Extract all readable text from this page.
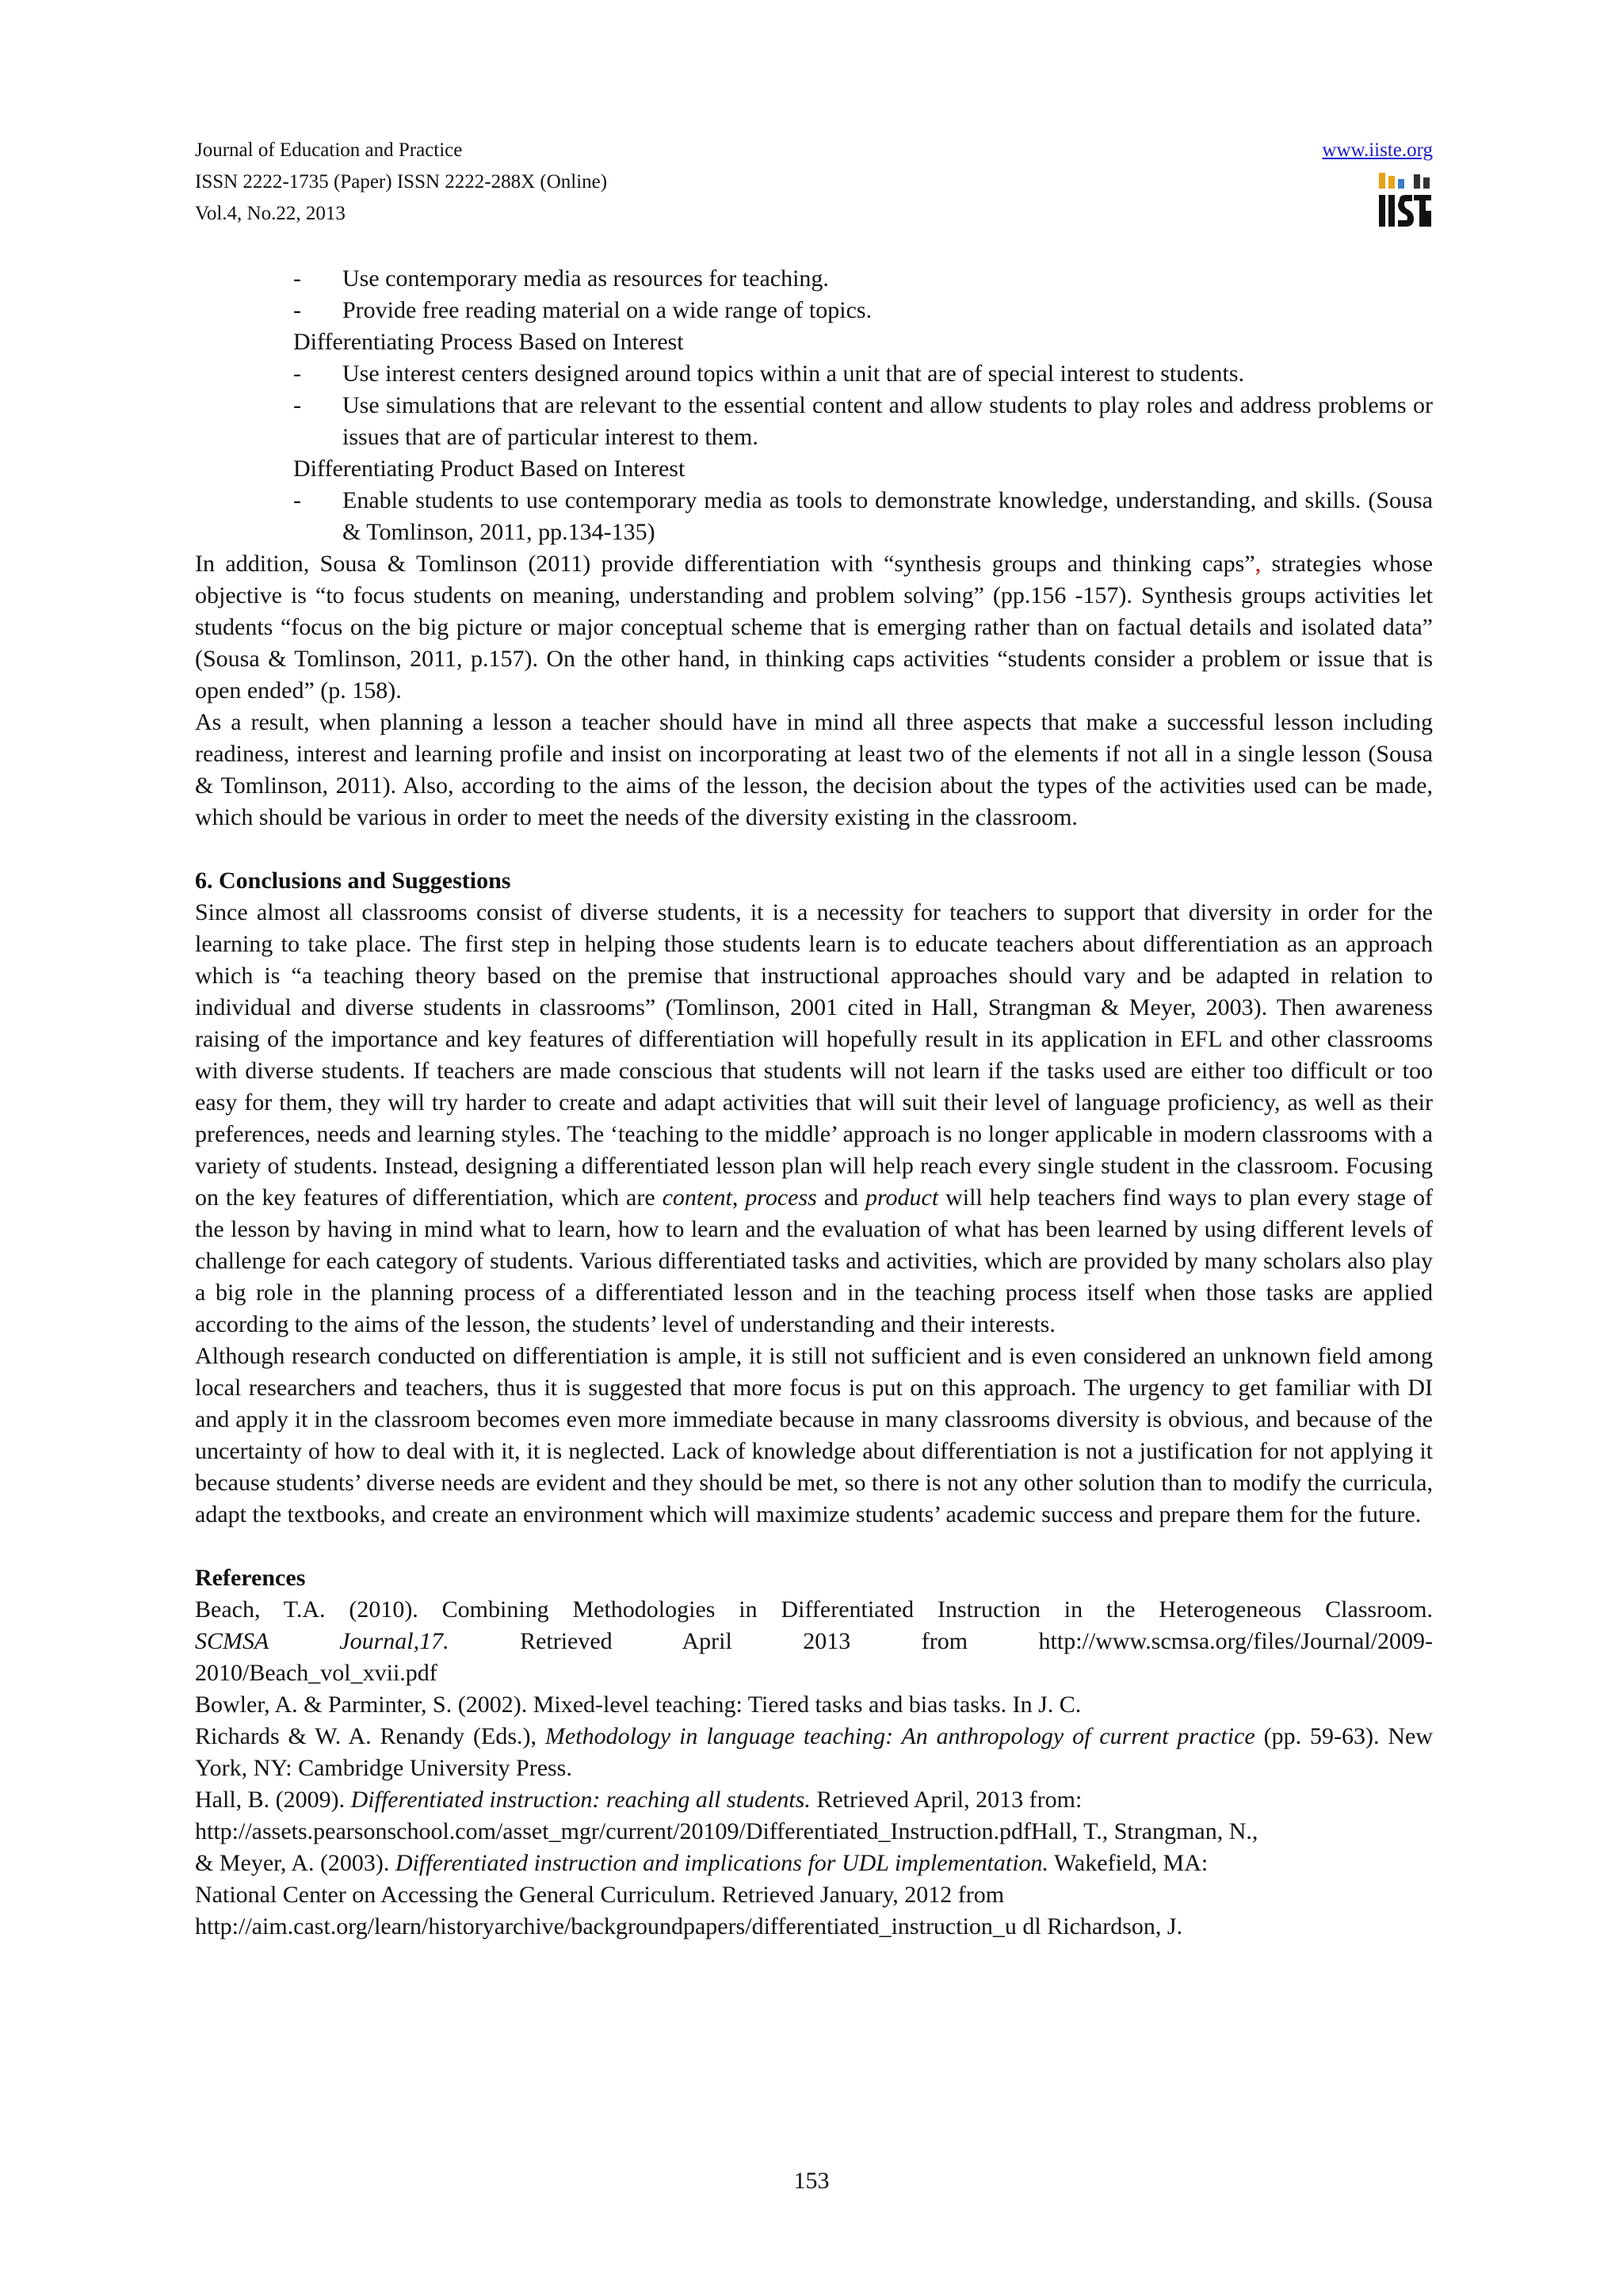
Journal of Education and Practice
ISSN 2222-1735 (Paper) ISSN 2222-288X (Online)
Vol.4, No.22, 2013
www.iiste.org
- Use contemporary media as resources for teaching.
- Provide free reading material on a wide range of topics.
Differentiating Process Based on Interest
- Use interest centers designed around topics within a unit that are of special interest to students.
- Use simulations that are relevant to the essential content and allow students to play roles and address problems or issues that are of particular interest to them.
Differentiating Product Based on Interest
- Enable students to use contemporary media as tools to demonstrate knowledge, understanding, and skills. (Sousa & Tomlinson, 2011, pp.134-135)

In addition, Sousa & Tomlinson (2011) provide differentiation with “synthesis groups and thinking caps”, strategies whose objective is “to focus students on meaning, understanding and problem solving” (pp.156 -157). Synthesis groups activities let students “focus on the big picture or major conceptual scheme that is emerging rather than on factual details and isolated data” (Sousa & Tomlinson, 2011, p.157). On the other hand, in thinking caps activities “students consider a problem or issue that is open ended” (p. 158).

As a result, when planning a lesson a teacher should have in mind all three aspects that make a successful lesson including readiness, interest and learning profile and insist on incorporating at least two of the elements if not all in a single lesson (Sousa & Tomlinson, 2011). Also, according to the aims of the lesson, the decision about the types of the activities used can be made, which should be various in order to meet the needs of the diversity existing in the classroom.

6. Conclusions and Suggestions

Since almost all classrooms consist of diverse students, it is a necessity for teachers to support that diversity in order for the learning to take place. The first step in helping those students learn is to educate teachers about differentiation as an approach which is “a teaching theory based on the premise that instructional approaches should vary and be adapted in relation to individual and diverse students in classrooms” (Tomlinson, 2001 cited in Hall, Strangman & Meyer, 2003). Then awareness raising of the importance and key features of differentiation will hopefully result in its application in EFL and other classrooms with diverse students. If teachers are made conscious that students will not learn if the tasks used are either too difficult or too easy for them, they will try harder to create and adapt activities that will suit their level of language proficiency, as well as their preferences, needs and learning styles. The ‘teaching to the middle’ approach is no longer applicable in modern classrooms with a variety of students. Instead, designing a differentiated lesson plan will help reach every single student in the classroom. Focusing on the key features of differentiation, which are content, process and product will help teachers find ways to plan every stage of the lesson by having in mind what to learn, how to learn and the evaluation of what has been learned by using different levels of challenge for each category of students. Various differentiated tasks and activities, which are provided by many scholars also play a big role in the planning process of a differentiated lesson and in the teaching process itself when those tasks are applied according to the aims of the lesson, the students’ level of understanding and their interests.

Although research conducted on differentiation is ample, it is still not sufficient and is even considered an unknown field among local researchers and teachers, thus it is suggested that more focus is put on this approach. The urgency to get familiar with DI and apply it in the classroom becomes even more immediate because in many classrooms diversity is obvious, and because of the uncertainty of how to deal with it, it is neglected. Lack of knowledge about differentiation is not a justification for not applying it because students’ diverse needs are evident and they should be met, so there is not any other solution than to modify the curricula, adapt the textbooks, and create an environment which will maximize students’ academic success and prepare them for the future.

References
Beach, T.A. (2010). Combining Methodologies in Differentiated Instruction in the Heterogeneous Classroom.
SCMSA Journal,17. Retrieved April 2013 from http://www.scmsa.org/files/Journal/2009-
2010/Beach_vol_xvii.pdf
Bowler, A. & Parminter, S. (2002). Mixed-level teaching: Tiered tasks and bias tasks. In J. C.
Richards & W. A. Renandy (Eds.), Methodology in language teaching: An anthropology of current practice (pp. 59-63). New York, NY: Cambridge University Press.
Hall, B. (2009). Differentiated instruction: reaching all students. Retrieved April, 2013 from:
http://assets.pearsonschool.com/asset_mgr/current/20109/Differentiated_Instruction.pdfHall, T., Strangman, N.,
& Meyer, A. (2003). Differentiated instruction and implications for UDL implementation. Wakefield, MA:
National Center on Accessing the General Curriculum. Retrieved January, 2012 from
http://aim.cast.org/learn/historyarchive/backgroundpapers/differentiated_instruction_u dl Richardson, J.
153
